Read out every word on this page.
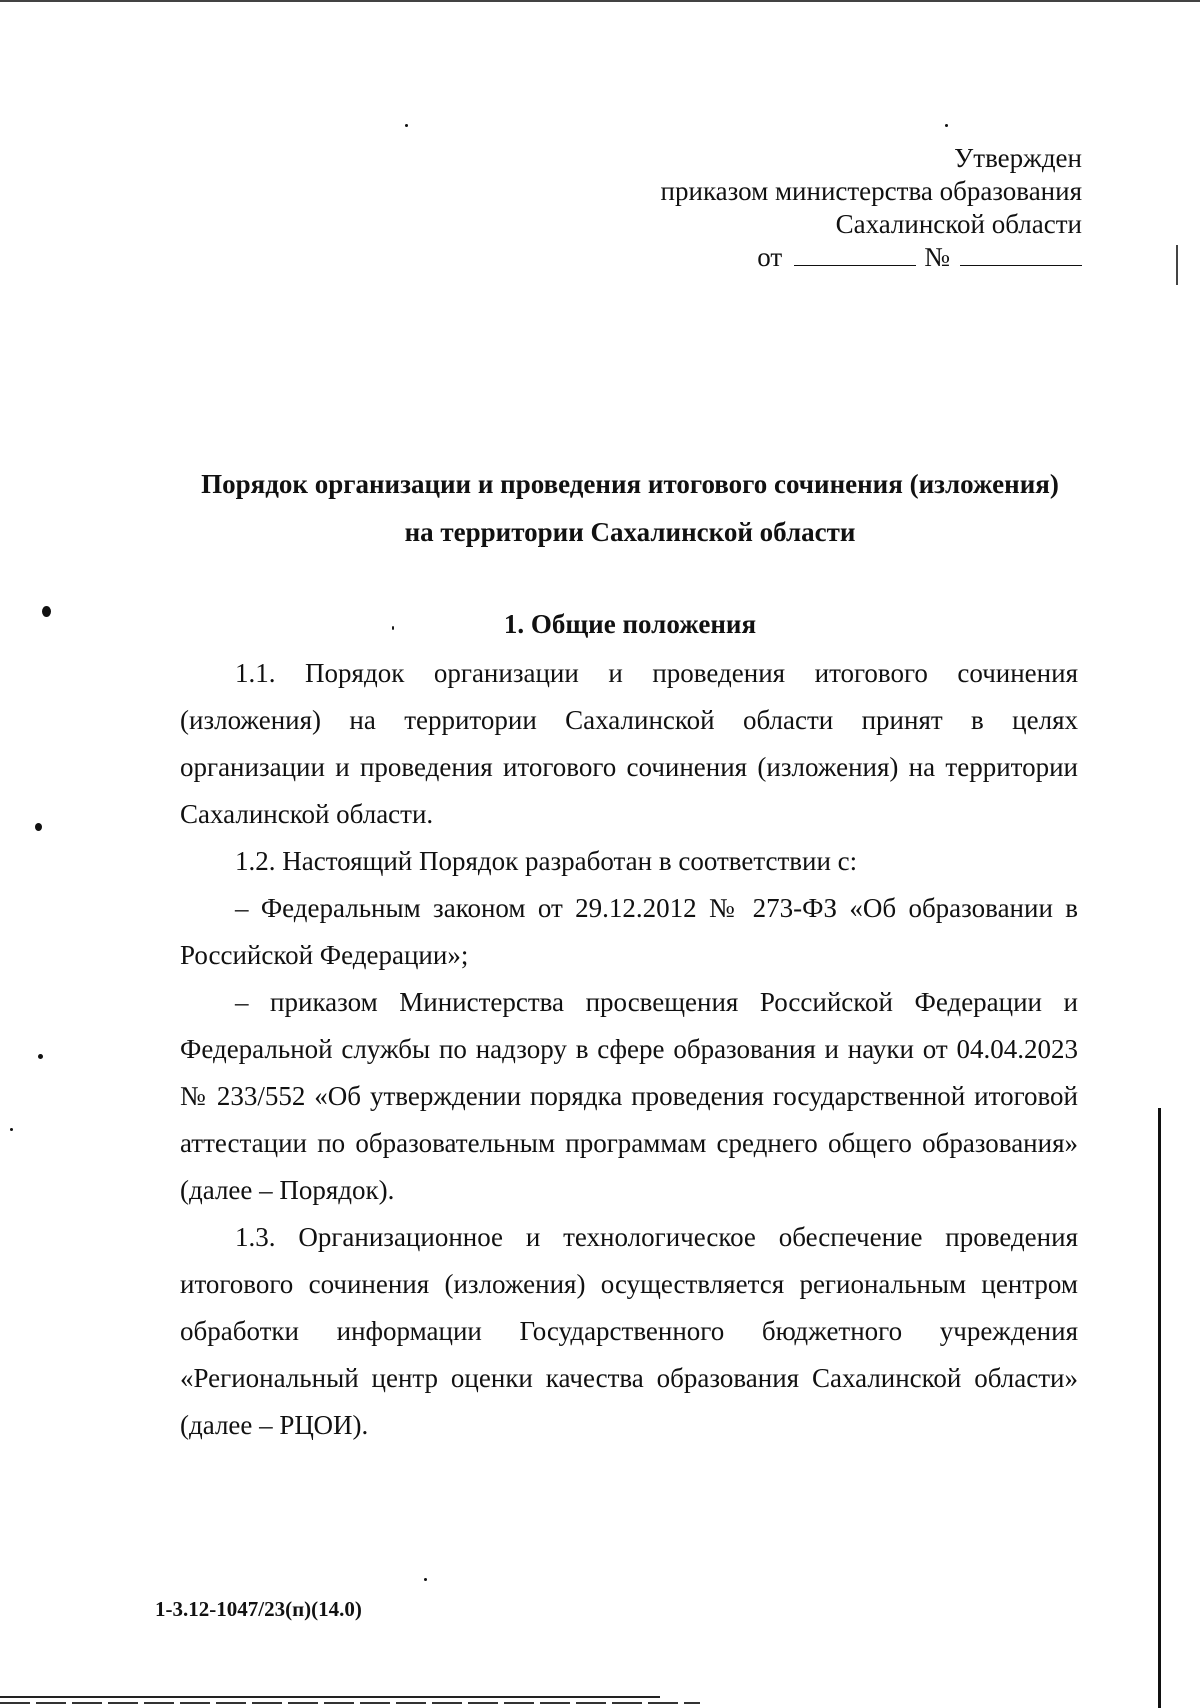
Утвержден
приказом министерства образования
Сахалинской области
от	№
Порядок организации и проведения итогового сочинения (изложения)
на территории Сахалинской области
1. Общие положения

1.1. Порядок организации и проведения итогового сочинения (изложения) на территории Сахалинской области принят в целях организации и проведения итогового сочинения (изложения) на территории Сахалинской области.

1.2. Настоящий Порядок разработан в соответствии с:

– Федеральным законом от 29.12.2012 № 273-ФЗ «Об образовании в Российской Федерации»;

– приказом Министерства просвещения Российской Федерации и Федеральной службы по надзору в сфере образования и науки от 04.04.2023 № 233/552 «Об утверждении порядка проведения государственной итоговой аттестации по образовательным программам среднего общего образования» (далее – Порядок).

1.3. Организационное и технологическое обеспечение проведения итогового сочинения (изложения) осуществляется региональным центром обработки информации Государственного бюджетного учреждения «Региональный центр оценки качества образования Сахалинской области» (далее – РЦОИ).

1-3.12-1047/23(п)(14.0)
